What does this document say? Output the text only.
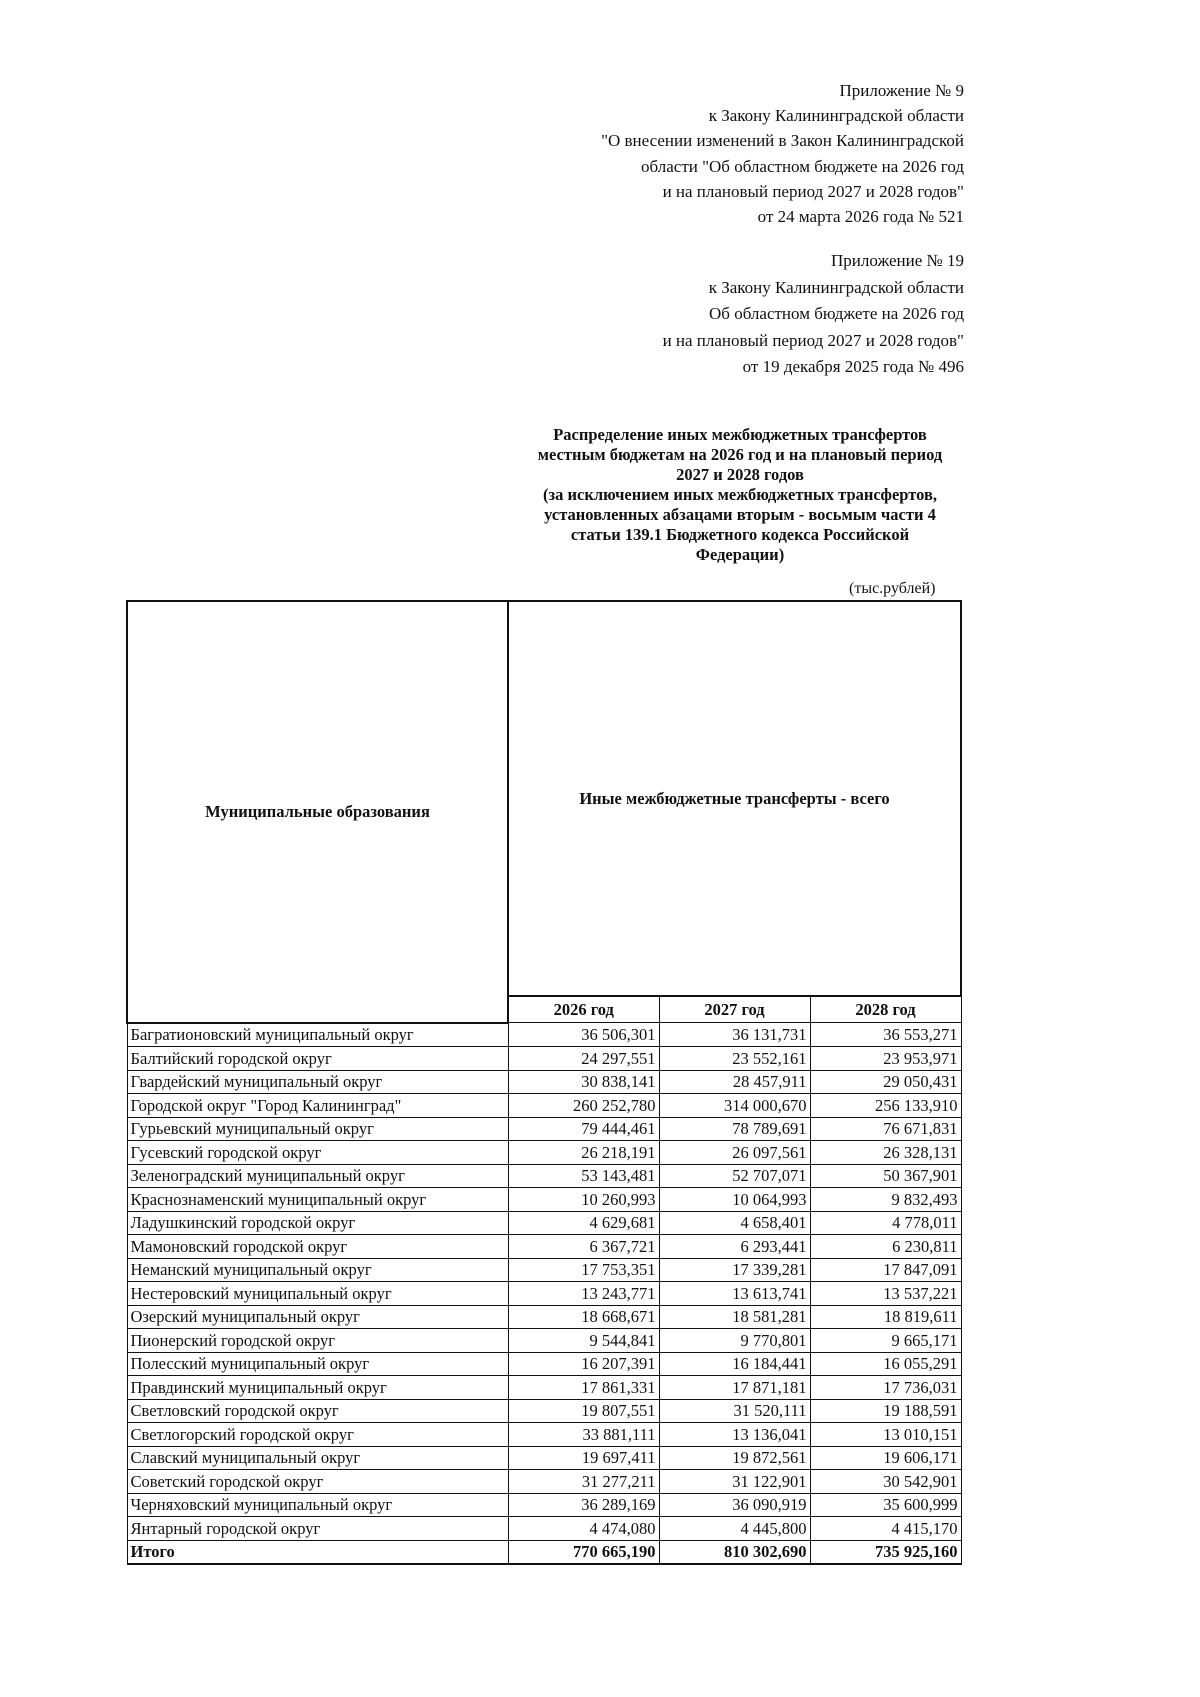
Приложение № 9
к Закону Калининградской области
"О внесении изменений в Закон Калининградской
области "Об областном бюджете на 2026 год
и на плановый период 2027 и 2028 годов"
от 24 марта 2026 года № 521
Приложение № 19
к Закону Калининградской области
Об областном бюджете на 2026 год
и на плановый период 2027 и 2028 годов"
от 19 декабря 2025 года № 496
Распределение иных межбюджетных трансфертов
местным бюджетам на 2026 год и на плановый период
2027 и 2028 годов
(за исключением иных межбюджетных трансфертов,
установленных абзацами вторым - восьмым части 4
статьи 139.1 Бюджетного кодекса Российской
Федерации)
(тыс.рублей)
Муниципальные образования	Иные межбюджетные трансферты - всего		
	2026 год	2027 год	2028 год
Багратионовский муниципальный округ	36 506,301	36 131,731	36 553,271
Балтийский городской округ	24 297,551	23 552,161	23 953,971
Гвардейский муниципальный округ	30 838,141	28 457,911	29 050,431
Городской округ "Город Калининград"	260 252,780	314 000,670	256 133,910
Гурьевский муниципальный округ	79 444,461	78 789,691	76 671,831
Гусевский городской округ	26 218,191	26 097,561	26 328,131
Зеленоградский муниципальный округ	53 143,481	52 707,071	50 367,901
Краснознаменский муниципальный округ	10 260,993	10 064,993	9 832,493
Ладушкинский городской округ	4 629,681	4 658,401	4 778,011
Мамоновский городской округ	6 367,721	6 293,441	6 230,811
Неманский муниципальный округ	17 753,351	17 339,281	17 847,091
Нестеровский муниципальный округ	13 243,771	13 613,741	13 537,221
Озерский муниципальный округ	18 668,671	18 581,281	18 819,611
Пионерский городской округ	9 544,841	9 770,801	9 665,171
Полесский муниципальный округ	16 207,391	16 184,441	16 055,291
Правдинский муниципальный округ	17 861,331	17 871,181	17 736,031
Светловский городской округ	19 807,551	31 520,111	19 188,591
Светлогорский городской округ	33 881,111	13 136,041	13 010,151
Славский муниципальный округ	19 697,411	19 872,561	19 606,171
Советский городской округ	31 277,211	31 122,901	30 542,901
Черняховский муниципальный округ	36 289,169	36 090,919	35 600,999
Янтарный городской округ	4 474,080	4 445,800	4 415,170
Итого	770 665,190	810 302,690	735 925,160
